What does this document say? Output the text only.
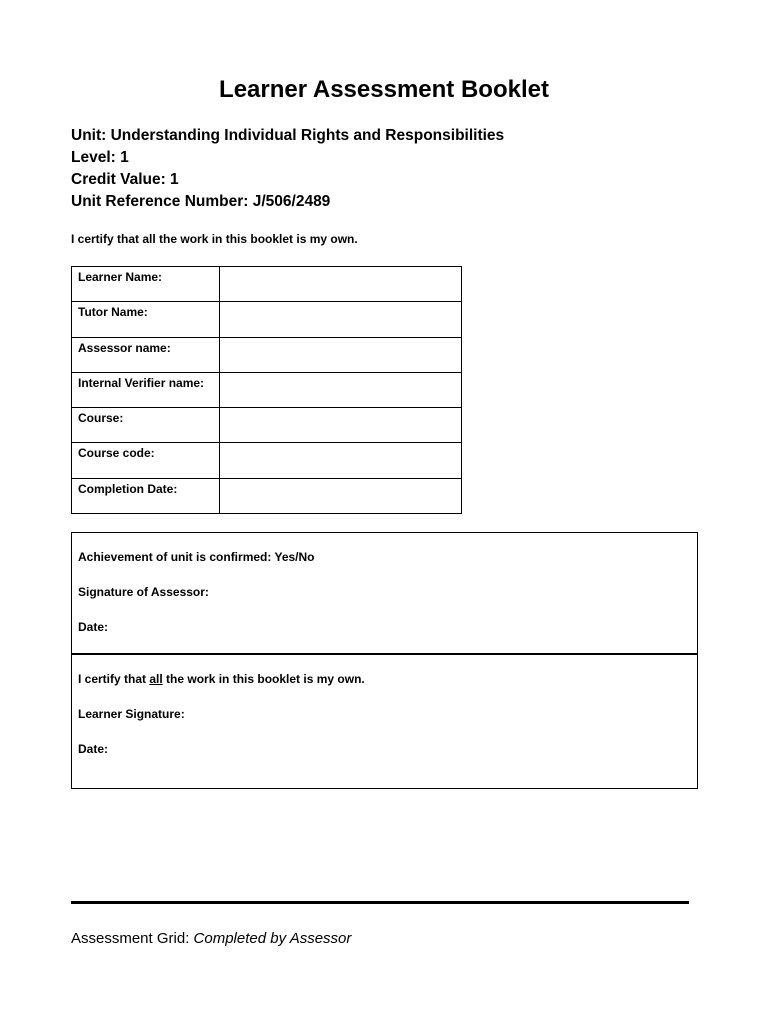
Learner Assessment Booklet
Unit: Understanding Individual Rights and Responsibilities
Level: 1
Credit Value: 1
Unit Reference Number: J/506/2489
I certify that all the work in this booklet is my own.
Learner Name:	
Tutor Name:	
Assessor name:	
Internal Verifier name:	
Course:	
Course code:	
Completion Date:	
Achievement of unit is confirmed: Yes/No
Signature of Assessor:
Date:
I certify that all the work in this booklet is my own.
Learner Signature:
Date:
Assessment Grid: Completed by Assessor
